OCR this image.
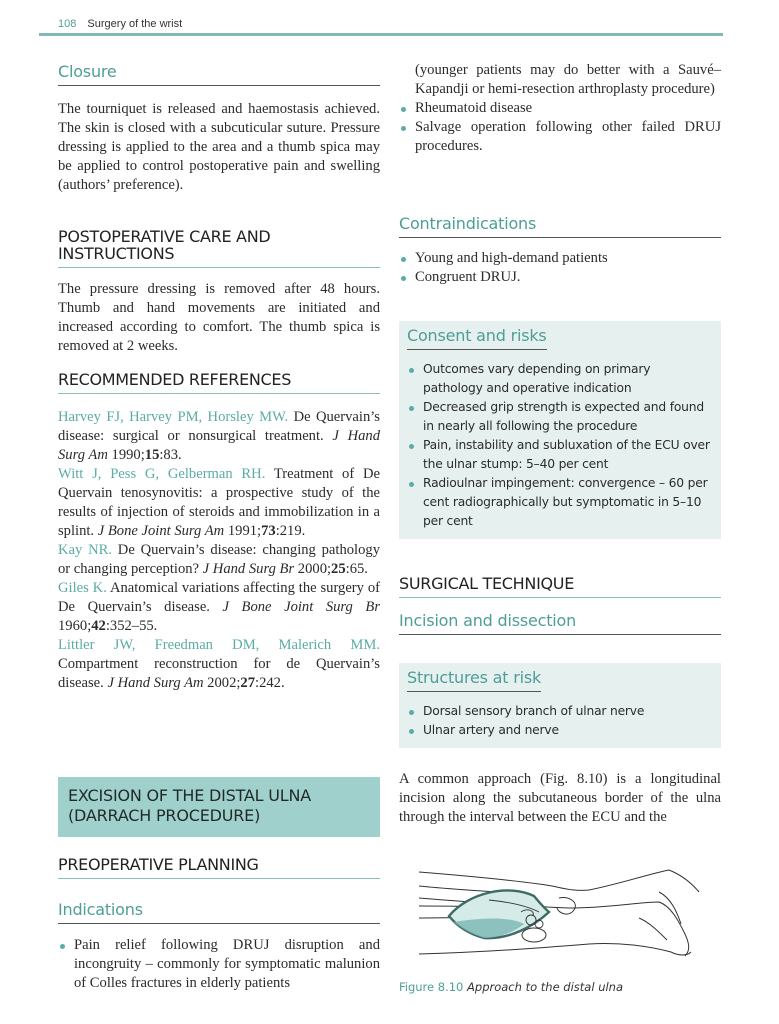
108 Surgery of the wrist
Closure

The tourniquet is released and haemostasis achieved. The skin is closed with a subcuticular suture. Pressure dressing is applied to the area and a thumb spica may be applied to control postoperative pain and swelling (authors’ preference).

POSTOPERATIVE CARE AND INSTRUCTIONS

The pressure dressing is removed after 48 hours. Thumb and hand movements are initiated and increased according to comfort. The thumb spica is removed at 2 weeks.

RECOMMENDED REFERENCES

Harvey FJ, Harvey PM, Horsley MW. De Quervain’s disease: surgical or nonsurgical treatment. J Hand Surg Am 1990;15:83.

Witt J, Pess G, Gelberman RH. Treatment of De Quervain tenosynovitis: a prospective study of the results of injection of steroids and immobilization in a splint. J Bone Joint Surg Am 1991;73:219.

Kay NR. De Quervain’s disease: changing pathology or changing perception? J Hand Surg Br 2000;25:65.

Giles K. Anatomical variations affecting the surgery of De Quervain’s disease. J Bone Joint Surg Br 1960;42:352–55.

Littler JW, Freedman DM, Malerich MM. Compartment reconstruction for de Quervain’s disease. J Hand Surg Am 2002;27:242.

EXCISION OF THE DISTAL ULNA
(DARRACH PROCEDURE)
PREOPERATIVE PLANNING
Indications
Pain relief following DRUJ disruption and incongruity – commonly for symptomatic malunion of Colles fractures in elderly patients

(younger patients may do better with a Sauvé–Kapandji or hemi-resection arthroplasty procedure)

Rheumatoid disease
Salvage operation following other failed DRUJ procedures.
Contraindications
Young and high-demand patients
Congruent DRUJ.
Consent and risks
Outcomes vary depending on primary pathology and operative indication
Decreased grip strength is expected and found in nearly all following the procedure
Pain, instability and subluxation of the ECU over the ulnar stump: 5–40 per cent
Radioulnar impingement: convergence – 60 per cent radiographically but symptomatic in 5–10 per cent
SURGICAL TECHNIQUE
Incision and dissection
Structures at risk
Dorsal sensory branch of ulnar nerve
Ulnar artery and nerve

A common approach (Fig. 8.10) is a longitudinal incision along the subcutaneous border of the ulna through the interval between the ECU and the

Figure 8.10 Approach to the distal ulna
